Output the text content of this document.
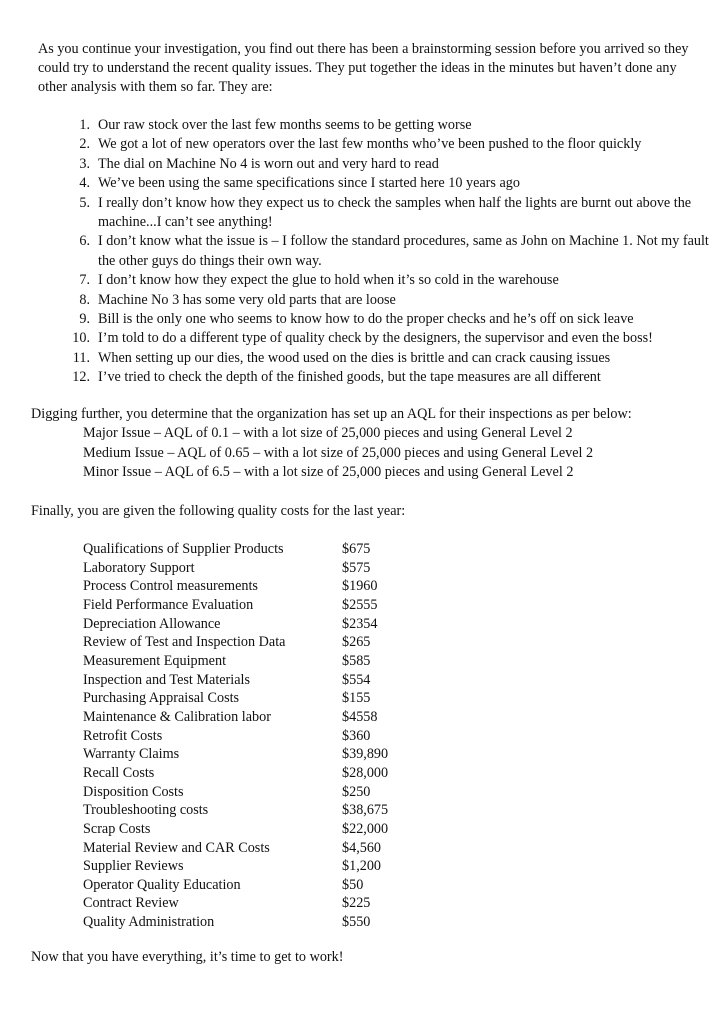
As you continue your investigation, you find out there has been a brainstorming session before you arrived so they could try to understand the recent quality issues. They put together the ideas in the minutes but haven’t done any other analysis with them so far. They are:

1. Our raw stock over the last few months seems to be getting worse
2. We got a lot of new operators over the last few months who’ve been pushed to the floor quickly
3. The dial on Machine No 4 is worn out and very hard to read
4. We’ve been using the same specifications since I started here 10 years ago
5. I really don’t know how they expect us to check the samples when half the lights are burnt out above the machine...I can’t see anything!
6. I don’t know what the issue is – I follow the standard procedures, same as John on Machine 1. Not my fault the other guys do things their own way.
7. I don’t know how they expect the glue to hold when it’s so cold in the warehouse
8. Machine No 3 has some very old parts that are loose
9. Bill is the only one who seems to know how to do the proper checks and he’s off on sick leave
10. I’m told to do a different type of quality check by the designers, the supervisor and even the boss!
11. When setting up our dies, the wood used on the dies is brittle and can crack causing issues
12. I’ve tried to check the depth of the finished goods, but the tape measures are all different

Digging further, you determine that the organization has set up an AQL for their inspections as per below:

Major Issue – AQL of 0.1 – with a lot size of 25,000 pieces and using General Level 2
Medium Issue – AQL of 0.65 – with a lot size of 25,000 pieces and using General Level 2
Minor Issue – AQL of 6.5 – with a lot size of 25,000 pieces and using General Level 2

Finally, you are given the following quality costs for the last year:

Qualifications of Supplier Products	$675
Laboratory Support	$575
Process Control measurements	$1960
Field Performance Evaluation	$2555
Depreciation Allowance	$2354
Review of Test and Inspection Data	$265
Measurement Equipment	$585
Inspection and Test Materials	$554
Purchasing Appraisal Costs	$155
Maintenance & Calibration labor	$4558
Retrofit Costs	$360
Warranty Claims	$39,890
Recall Costs	$28,000
Disposition Costs	$250
Troubleshooting costs	$38,675
Scrap Costs	$22,000
Material Review and CAR Costs	$4,560
Supplier Reviews	$1,200
Operator Quality Education	$50
Contract Review	$225
Quality Administration	$550

Now that you have everything, it’s time to get to work!
